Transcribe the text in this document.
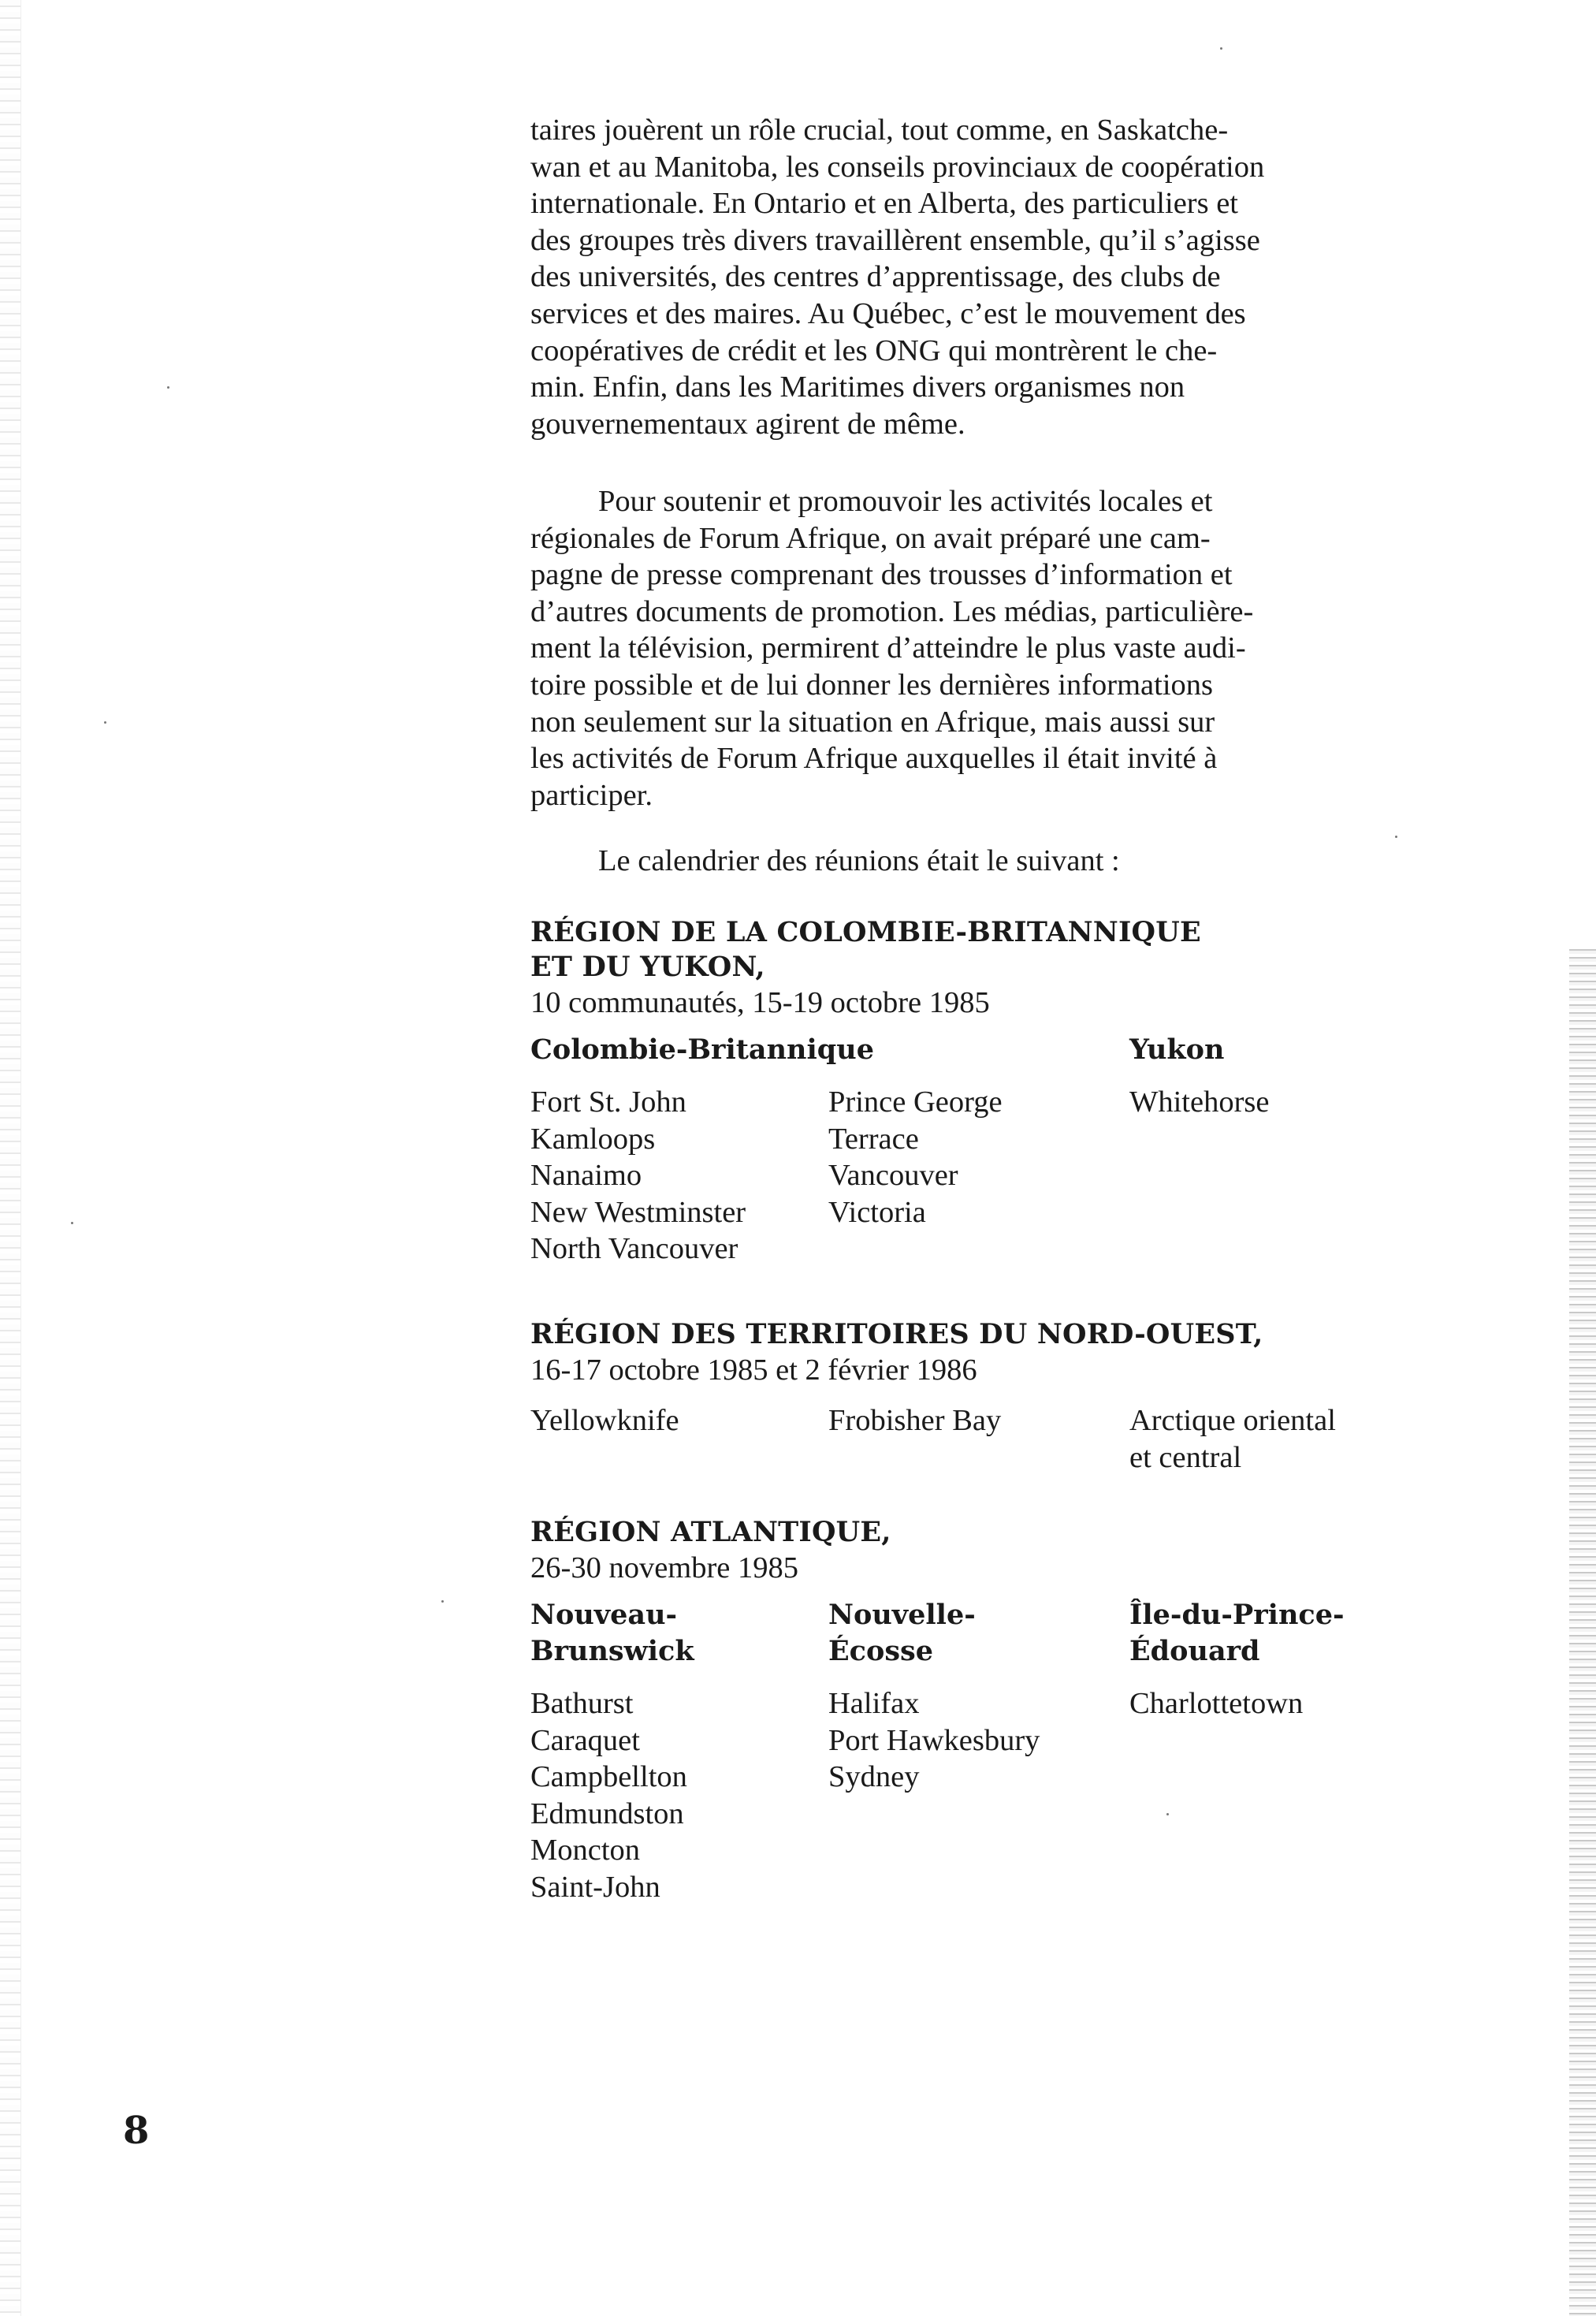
taires jouèrent un rôle crucial, tout comme, en Saskatche-
wan et au Manitoba, les conseils provinciaux de coopération
internationale. En Ontario et en Alberta, des particuliers et
des groupes très divers travaillèrent ensemble, qu’il s’agisse
des universités, des centres d’apprentissage, des clubs de
services et des maires. Au Québec, c’est le mouvement des
coopératives de crédit et les ONG qui montrèrent le che-
min. Enfin, dans les Maritimes divers organismes non
gouvernementaux agirent de même.

Pour soutenir et promouvoir les activités locales et
régionales de Forum Afrique, on avait préparé une cam-
pagne de presse comprenant des trousses d’information et
d’autres documents de promotion. Les médias, particulière-
ment la télévision, permirent d’atteindre le plus vaste audi-
toire possible et de lui donner les dernières informations
non seulement sur la situation en Afrique, mais aussi sur
les activités de Forum Afrique auxquelles il était invité à
participer.

Le calendrier des réunions était le suivant :
RÉGION DE LA COLOMBIE-BRITANNIQUE
ET DU YUKON,
10 communautés, 15-19 octobre 1985
Colombie-Britannique
Fort St. John
Kamloops
Nanaimo
New Westminster
North Vancouver

Prince George
Terrace
Vancouver
Victoria
Yukon
Whitehorse
RÉGION DES TERRITOIRES DU NORD-OUEST,
16-17 octobre 1985 et 2 février 1986
Yellowknife	Frobisher Bay	Arctique oriental
et central
RÉGION ATLANTIQUE,
26-30 novembre 1985
Nouveau-
Brunswick
Bathurst
Caraquet
Campbellton
Edmundston
Moncton
Saint-John
Nouvelle-
Écosse
Halifax
Port Hawkesbury
Sydney
Île-du-Prince-
Édouard
Charlottetown
8
